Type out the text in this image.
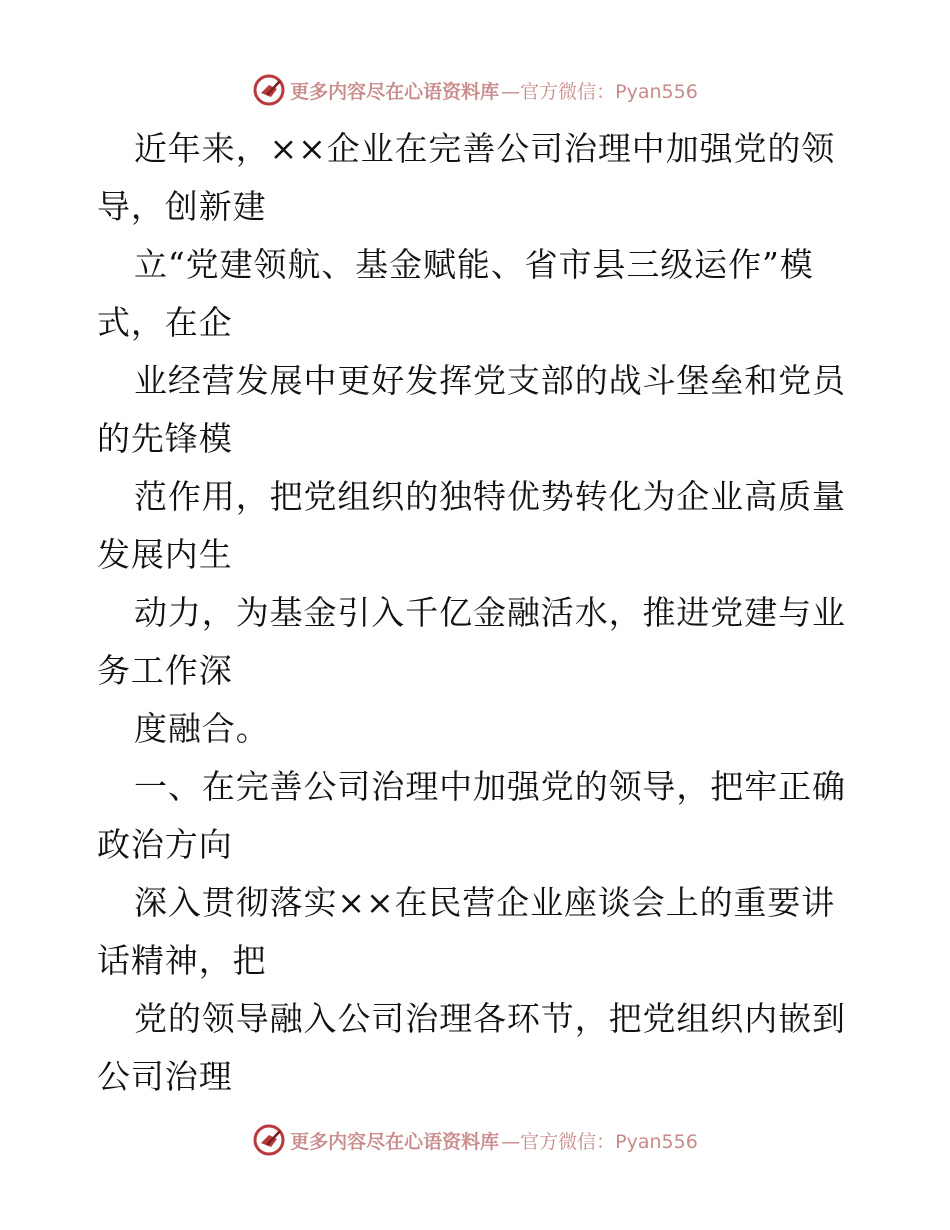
更多内容尽在心语资料库 —官方微信：Pyan556
近年来，××企业在完善公司治理中加强党的领
导，创新建
立“党建领航、基金赋能、省市县三级运作”模
式，在企
业经营发展中更好发挥党支部的战斗堡垒和党员
的先锋模
范作用，把党组织的独特优势转化为企业高质量
发展内生
动力，为基金引入千亿金融活水，推进党建与业
务工作深
度融合。
一、在完善公司治理中加强党的领导，把牢正确
政治方向
深入贯彻落实××在民营企业座谈会上的重要讲
话精神，把
党的领导融入公司治理各环节，把党组织内嵌到
公司治理
更多内容尽在心语资料库 —官方微信：Pyan556
